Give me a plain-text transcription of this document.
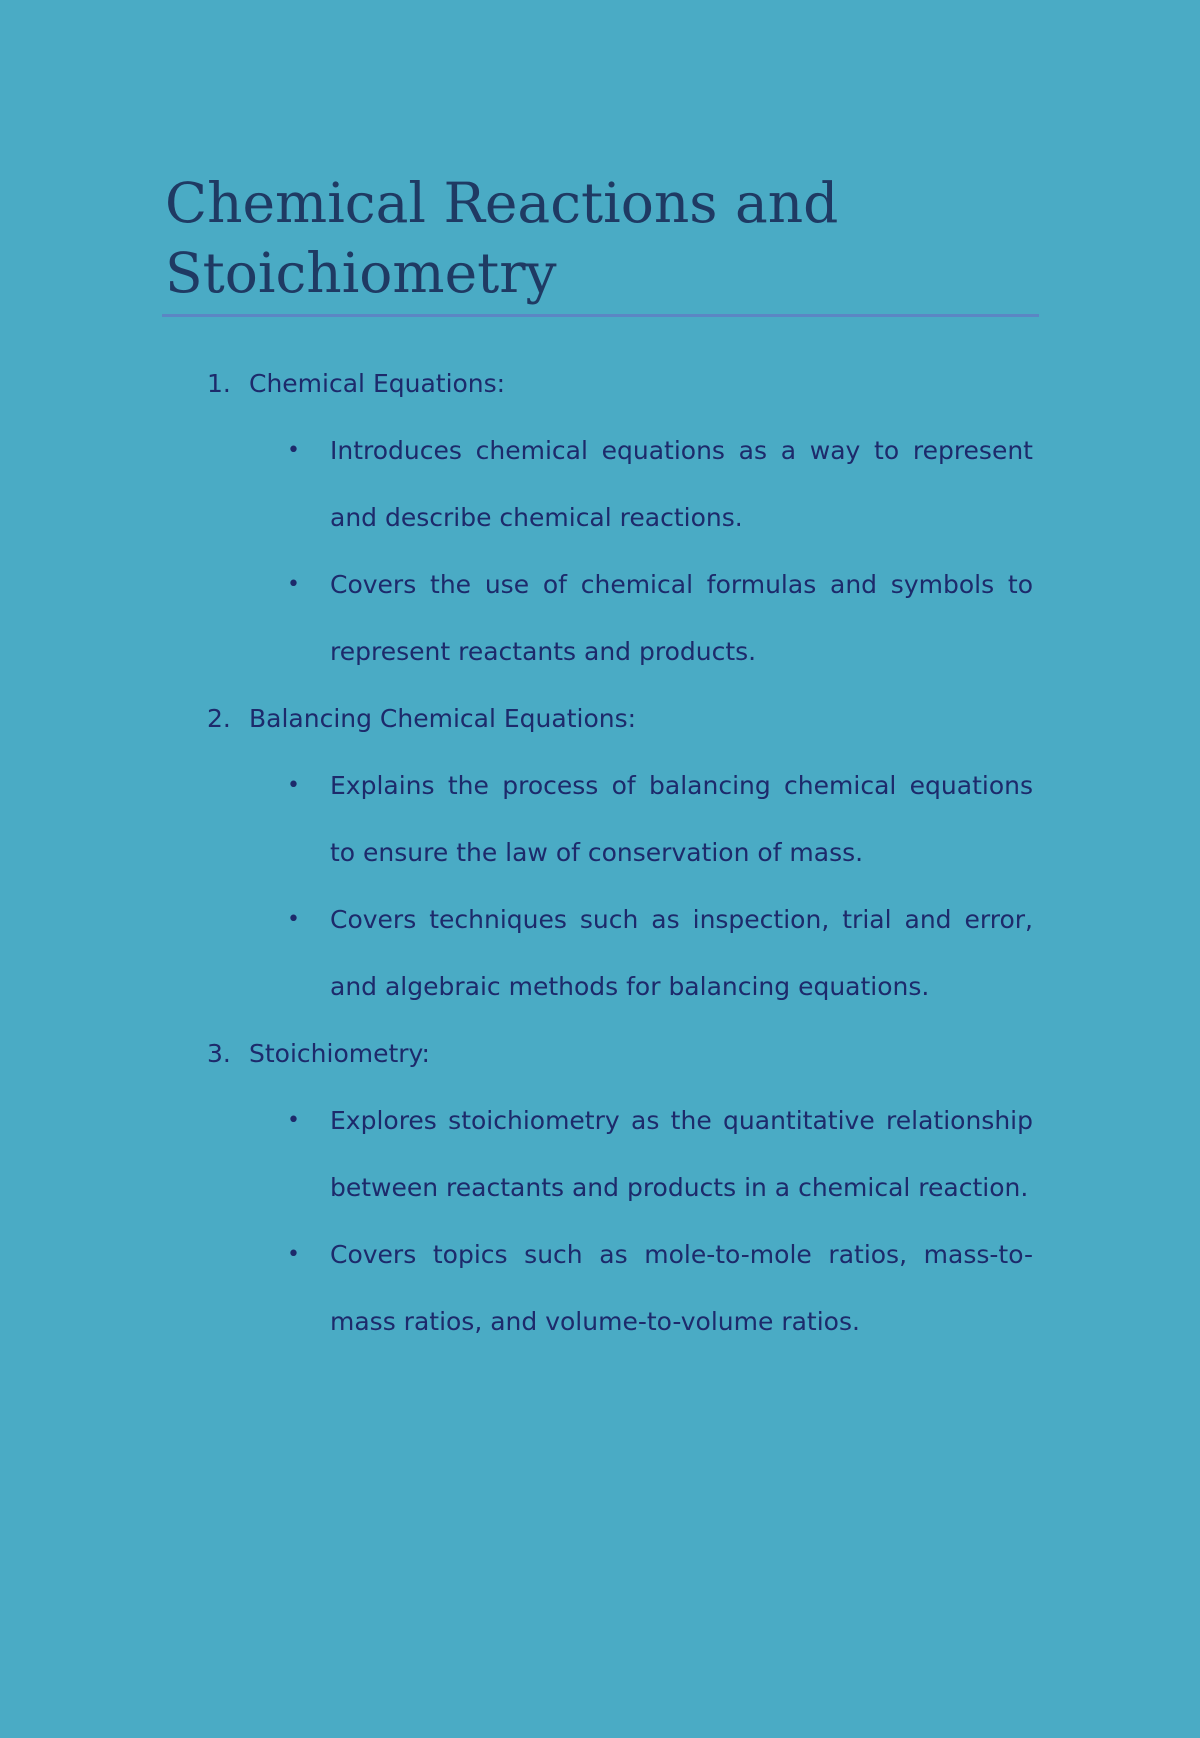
Chemical Reactions and Stoichiometry
1. Chemical Equations:
• Introduces chemical equations as a way to represent and describe chemical reactions.
• Covers the use of chemical formulas and symbols to represent reactants and products.
2. Balancing Chemical Equations:
• Explains the process of balancing chemical equations to ensure the law of conservation of mass.
• Covers techniques such as inspection, trial and error, and algebraic methods for balancing equations.
3. Stoichiometry:
• Explores stoichiometry as the quantitative relationship between reactants and products in a chemical reaction.
• Covers topics such as mole-to-mole ratios, mass-to-mass ratios, and volume-to-volume ratios.
